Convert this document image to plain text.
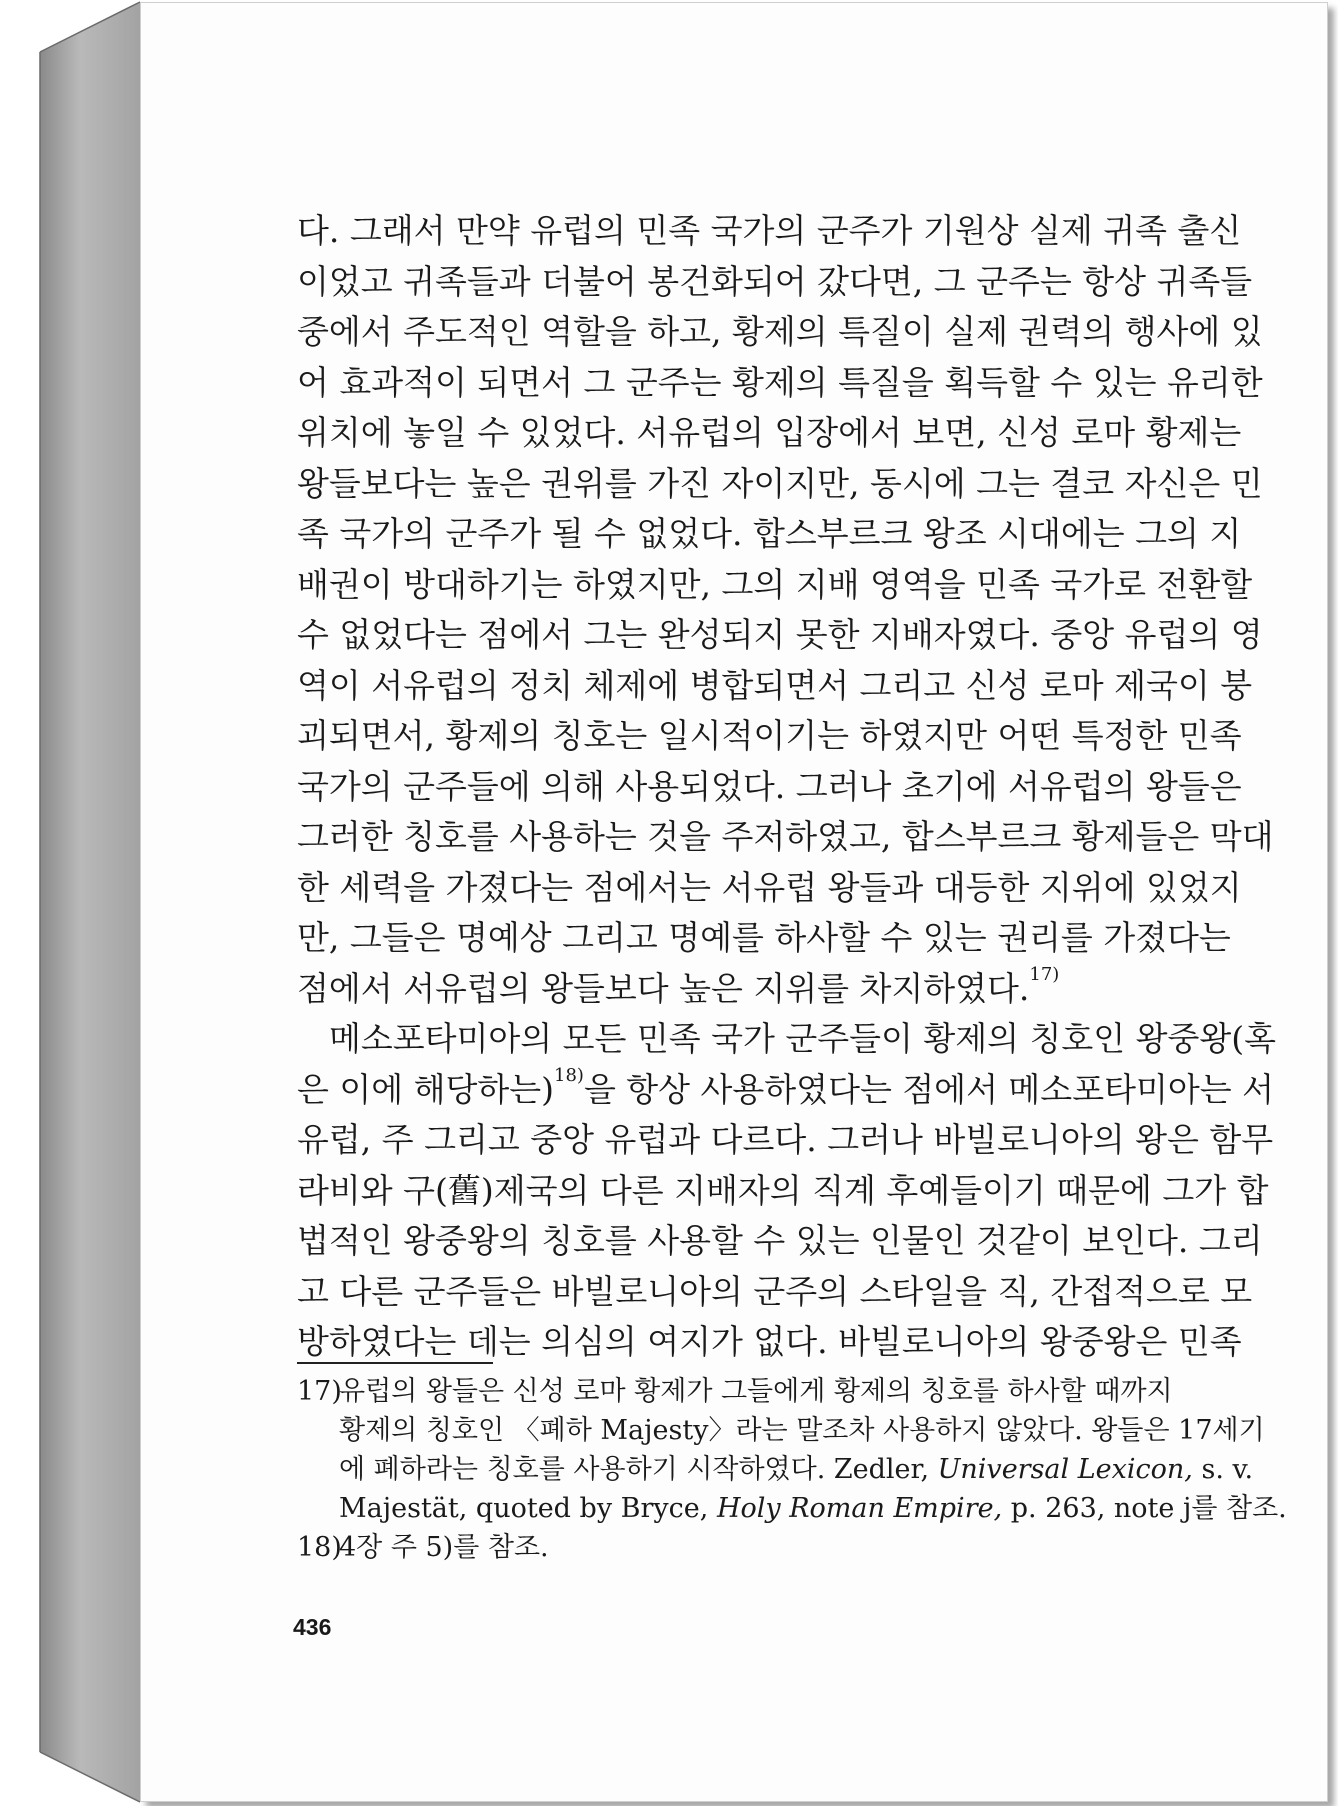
다. 그래서 만약 유럽의 민족 국가의 군주가 기원상 실제 귀족 출신
이었고 귀족들과 더불어 봉건화되어 갔다면, 그 군주는 항상 귀족들
중에서 주도적인 역할을 하고, 황제의 특질이 실제 권력의 행사에 있
어 효과적이 되면서 그 군주는 황제의 특질을 획득할 수 있는 유리한
위치에 놓일 수 있었다. 서유럽의 입장에서 보면, 신성 로마 황제는
왕들보다는 높은 권위를 가진 자이지만, 동시에 그는 결코 자신은 민
족 국가의 군주가 될 수 없었다. 합스부르크 왕조 시대에는 그의 지
배권이 방대하기는 하였지만, 그의 지배 영역을 민족 국가로 전환할
수 없었다는 점에서 그는 완성되지 못한 지배자였다. 중앙 유럽의 영
역이 서유럽의 정치 체제에 병합되면서 그리고 신성 로마 제국이 붕
괴되면서, 황제의 칭호는 일시적이기는 하였지만 어떤 특정한 민족
국가의 군주들에 의해 사용되었다. 그러나 초기에 서유럽의 왕들은
그러한 칭호를 사용하는 것을 주저하였고, 합스부르크 황제들은 막대
한 세력을 가졌다는 점에서는 서유럽 왕들과 대등한 지위에 있었지
만, 그들은 명예상 그리고 명예를 하사할 수 있는 권리를 가졌다는
점에서 서유럽의 왕들보다 높은 지위를 차지하였다.$^{17)}$
메소포타미아의 모든 민족 국가 군주들이 황제의 칭호인 왕중왕(혹
은 이에 해당하는)$^{18)}$을 항상 사용하였다는 점에서 메소포타미아는 서
유럽, 주 그리고 중앙 유럽과 다르다. 그러나 바빌로니아의 왕은 함무
라비와 구(舊)제국의 다른 지배자의 직계 후예들이기 때문에 그가 합
법적인 왕중왕의 칭호를 사용할 수 있는 인물인 것같이 보인다. 그리
고 다른 군주들은 바빌로니아의 군주의 스타일을 직, 간접적으로 모
방하였다는 데는 의심의 여지가 없다. 바빌로니아의 왕중왕은 민족
17)유럽의 왕들은 신성 로마 황제가 그들에게 황제의 칭호를 하사할 때까지
황제의 칭호인 〈폐하 Majesty〉라는 말조차 사용하지 않았다. 왕들은 17세기
에 폐하라는 칭호를 사용하기 시작하였다. Zedler, Universal Lexicon, s. v.
Majestät, quoted by Bryce, Holy Roman Empire, p. 263, note j를 참조.
18)4장 주 5)를 참조.
436
